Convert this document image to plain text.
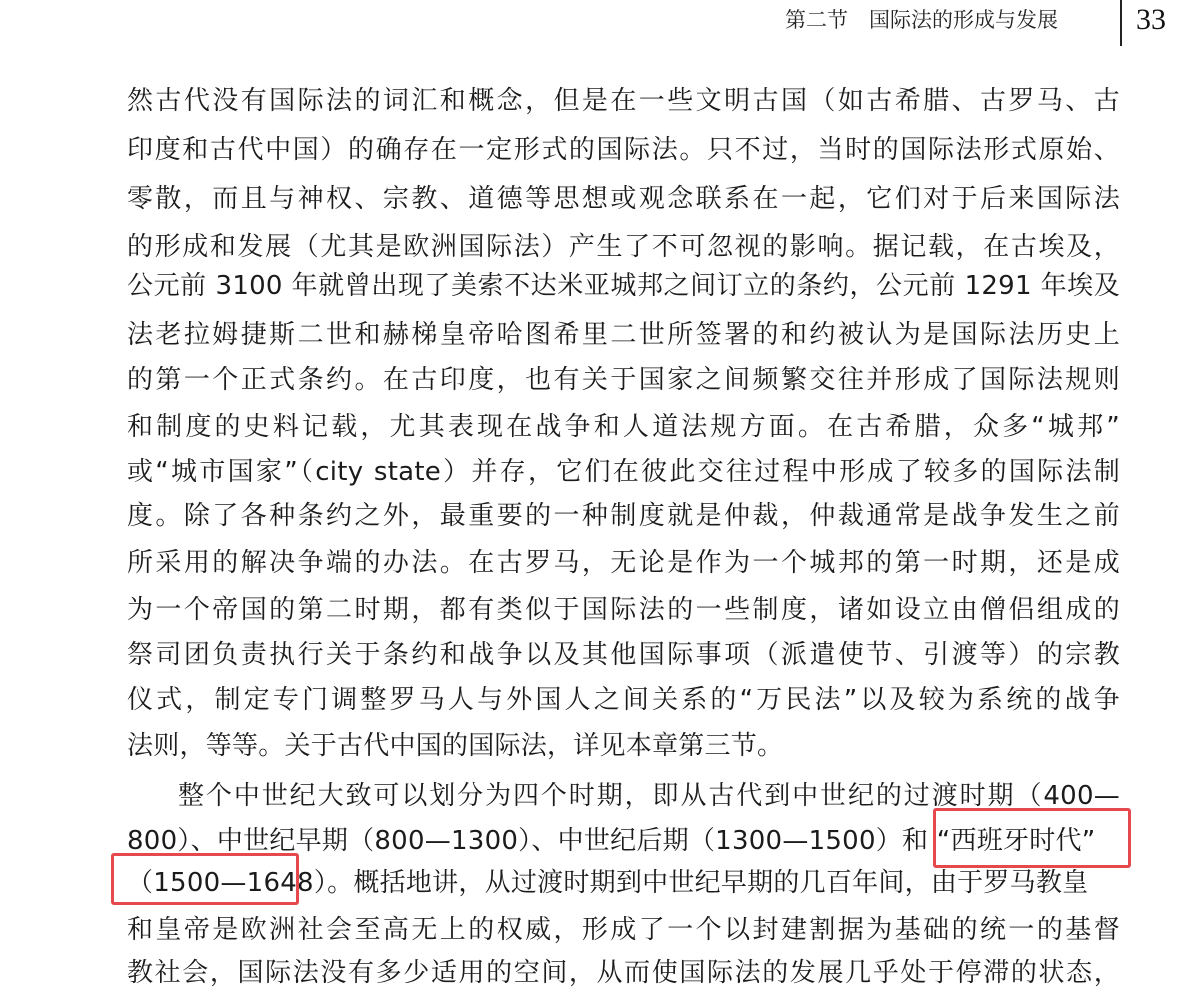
第二节　国际法的形成与发展	33
然古代没有国际法的词汇和概念，但是在一些文明古国（如古希腊、古罗马、古
印度和古代中国）的确存在一定形式的国际法。只不过，当时的国际法形式原始、
零散，而且与神权、宗教、道德等思想或观念联系在一起，它们对于后来国际法
的形成和发展（尤其是欧洲国际法）产生了不可忽视的影响。据记载，在古埃及，
公元前 3100 年就曾出现了美索不达米亚城邦之间订立的条约，公元前 1291 年埃及
法老拉姆捷斯二世和赫梯皇帝哈图希里二世所签署的和约被认为是国际法历史上
的第一个正式条约。在古印度，也有关于国家之间频繁交往并形成了国际法规则
和制度的史料记载，尤其表现在战争和人道法规方面。在古希腊，众多“城邦”
或“城市国家”（city state）并存，它们在彼此交往过程中形成了较多的国际法制
度。除了各种条约之外，最重要的一种制度就是仲裁，仲裁通常是战争发生之前
所采用的解决争端的办法。在古罗马，无论是作为一个城邦的第一时期，还是成
为一个帝国的第二时期，都有类似于国际法的一些制度，诸如设立由僧侣组成的
祭司团负责执行关于条约和战争以及其他国际事项（派遣使节、引渡等）的宗教
仪式，制定专门调整罗马人与外国人之间关系的“万民法”以及较为系统的战争
法则，等等。关于古代中国的国际法，详见本章第三节。
整个中世纪大致可以划分为四个时期，即从古代到中世纪的过渡时期（400—
800）、中世纪早期（800—1300）、中世纪后期（1300—1500）和 “西班牙时代”
（1500—1648）。概括地讲，从过渡时期到中世纪早期的几百年间，由于罗马教皇
和皇帝是欧洲社会至高无上的权威，形成了一个以封建割据为基础的统一的基督
教社会，国际法没有多少适用的空间，从而使国际法的发展几乎处于停滞的状态，
